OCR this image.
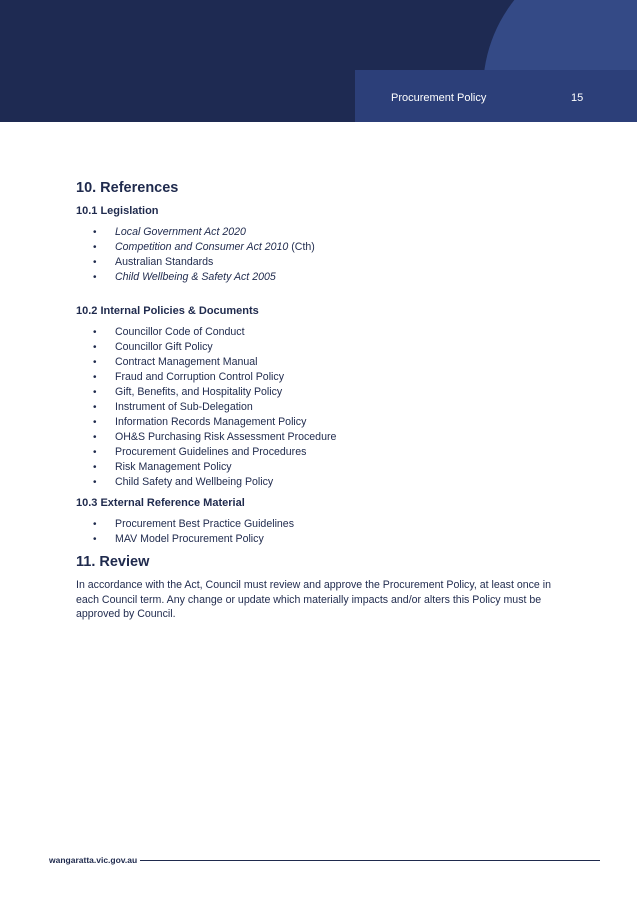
Procurement Policy	15
10. References
10.1 Legislation
• Local Government Act 2020
• Competition and Consumer Act 2010 (Cth)
• Australian Standards
• Child Wellbeing & Safety Act 2005
10.2 Internal Policies & Documents
• Councillor Code of Conduct
• Councillor Gift Policy
• Contract Management Manual
• Fraud and Corruption Control Policy
• Gift, Benefits, and Hospitality Policy
• Instrument of Sub-Delegation
• Information Records Management Policy
• OH&S Purchasing Risk Assessment Procedure
• Procurement Guidelines and Procedures
• Risk Management Policy
• Child Safety and Wellbeing Policy
10.3 External Reference Material
• Procurement Best Practice Guidelines
• MAV Model Procurement Policy
11. Review

In accordance with the Act, Council must review and approve the Procurement Policy, at least once in each Council term. Any change or update which materially impacts and/or alters this Policy must be approved by Council.

wangaratta.vic.gov.au
